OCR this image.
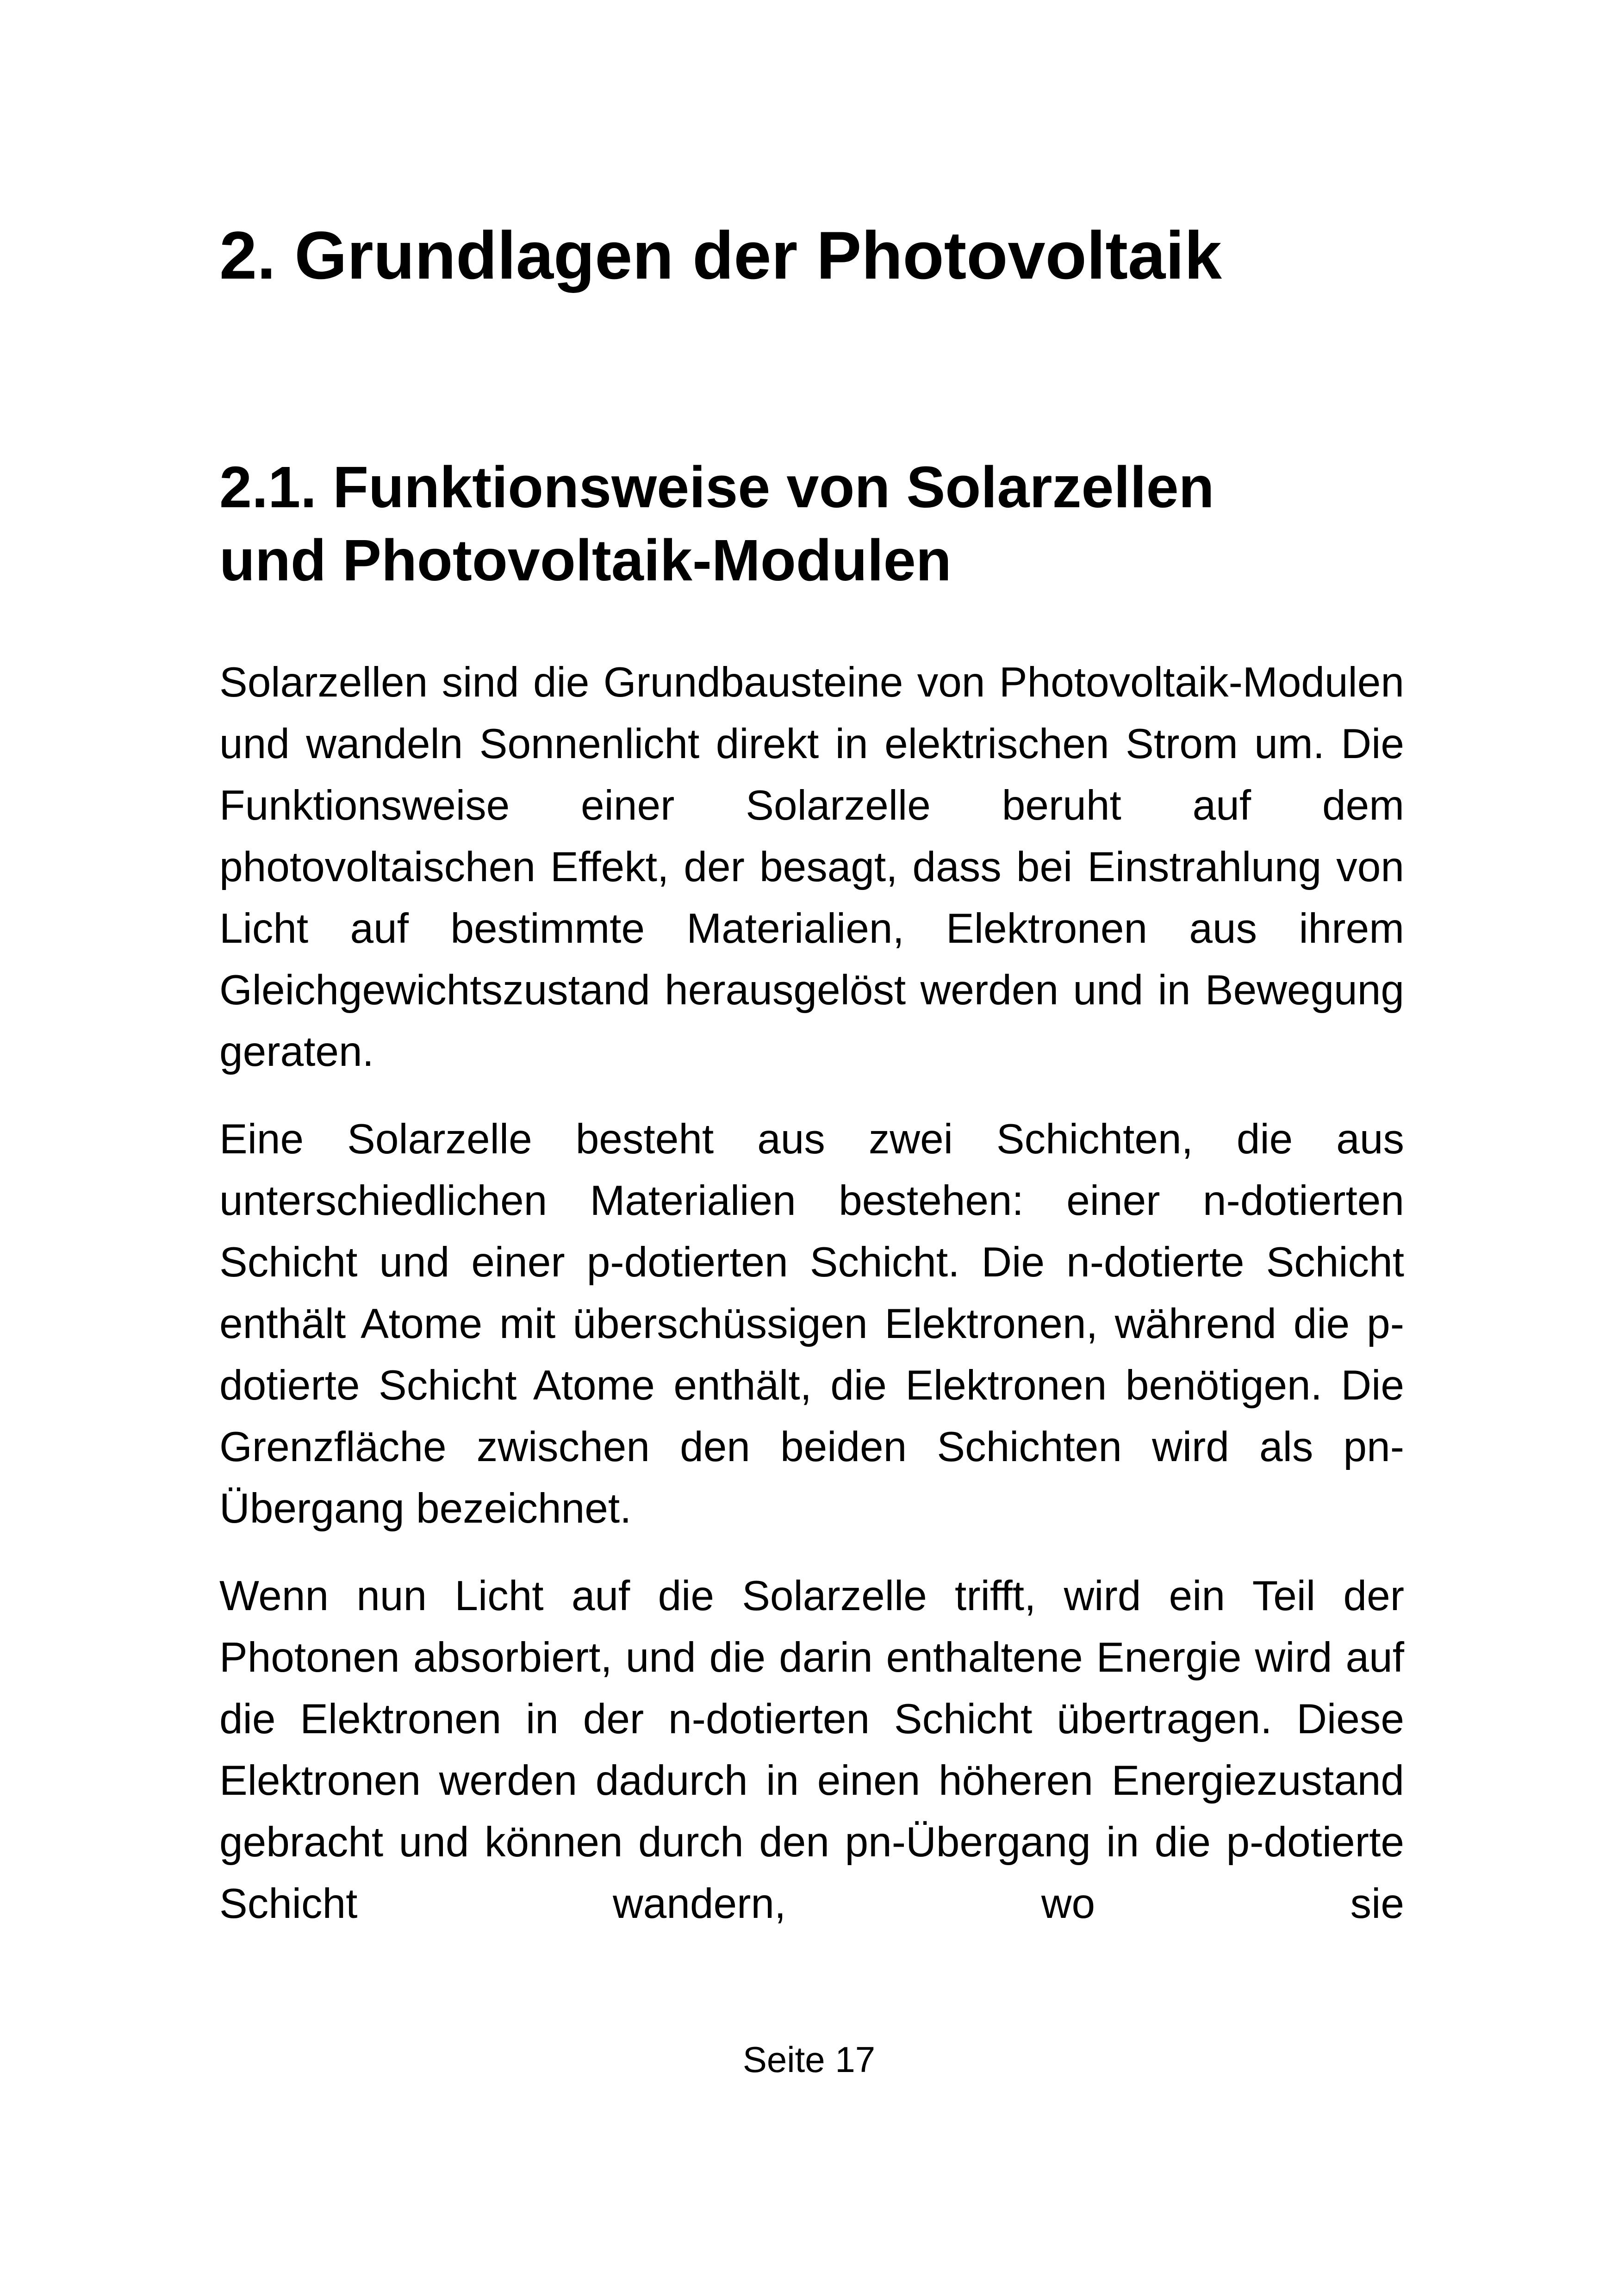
2. Grundlagen der Photovoltaik
2.1. Funktionsweise von Solarzellen
und Photovoltaik-Modulen

Solarzellen sind die Grundbausteine von Photovoltaik-Modulen und wandeln Sonnenlicht direkt in elektrischen Strom um. Die Funktionsweise einer Solarzelle beruht auf dem photovoltaischen Effekt, der besagt, dass bei Einstrahlung von Licht auf bestimmte Materialien, Elektronen aus ihrem Gleichgewichtszustand herausgelöst werden und in Bewegung geraten.

Eine Solarzelle besteht aus zwei Schichten, die aus unterschiedlichen Materialien bestehen: einer n-dotierten Schicht und einer p-dotierten Schicht. Die n-dotierte Schicht enthält Atome mit überschüssigen Elektronen, während die p-dotierte Schicht Atome enthält, die Elektronen benötigen. Die Grenzfläche zwischen den beiden Schichten wird als pn-Übergang bezeichnet.

Wenn nun Licht auf die Solarzelle trifft, wird ein Teil der Photonen absorbiert, und die darin enthaltene Energie wird auf die Elektronen in der n-dotierten Schicht übertragen. Diese Elektronen werden dadurch in einen höheren Energiezustand gebracht und können durch den pn-Übergang in die p-dotierte Schicht wandern, wo sie

Seite 17
